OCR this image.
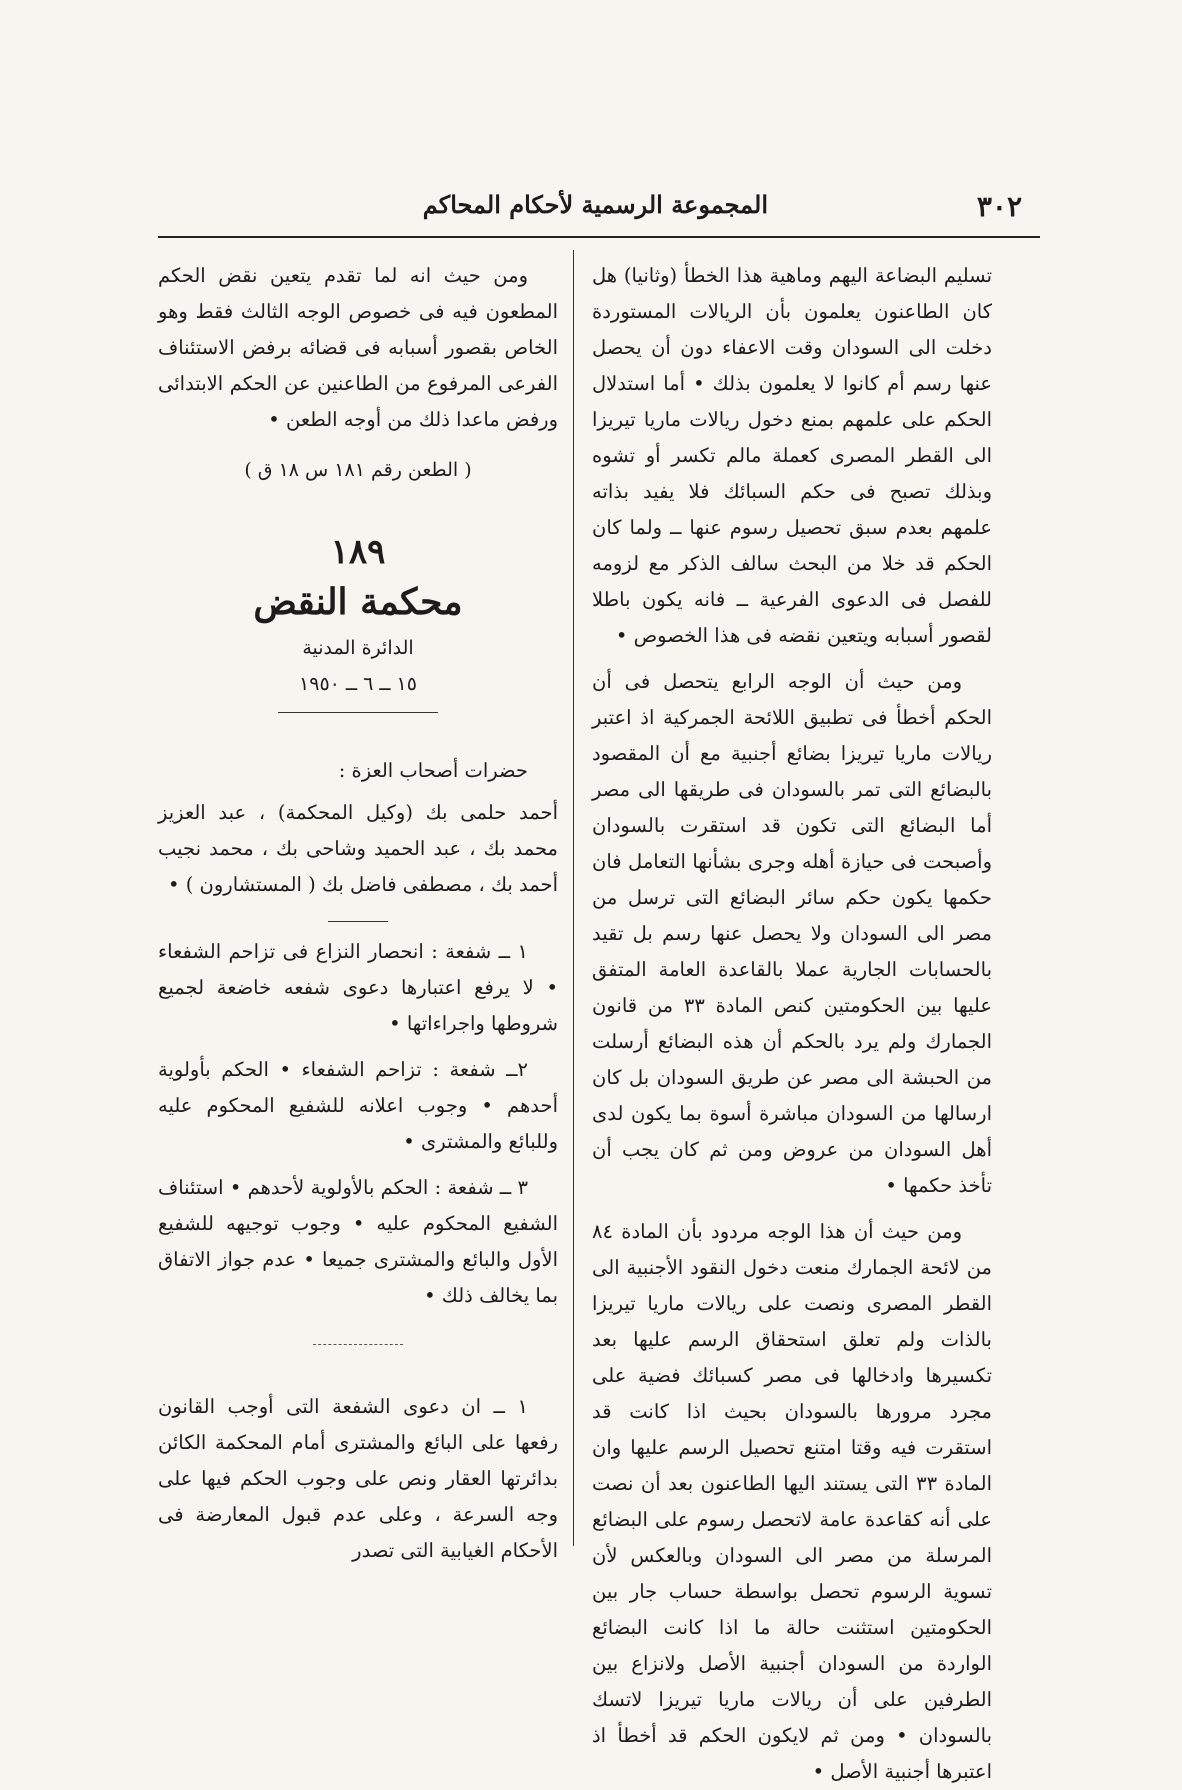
٣٠٢
المجموعة الرسمية لأحكام المحاكم

تسليم البضاعة اليهم وماهية هذا الخطأ (وثانيا) هل كان الطاعنون يعلمون بأن الريالات المستوردة دخلت الى السودان وقت الاعفاء دون أن يحصل عنها رسم أم كانوا لا يعلمون بذلك • أما استدلال الحكم على علمهم بمنع دخول ريالات ماريا تيريزا الى القطر المصرى كعملة مالم تكسر أو تشوه وبذلك تصبح فى حكم السبائك فلا يفيد بذاته علمهم بعدم سبق تحصيل رسوم عنها ــ ولما كان الحكم قد خلا من البحث سالف الذكر مع لزومه للفصل فى الدعوى الفرعية ــ فانه يكون باطلا لقصور أسبابه ويتعين نقضه فى هذا الخصوص •

ومن حيث أن الوجه الرابع يتحصل فى أن الحكم أخطأ فى تطبيق اللائحة الجمركية اذ اعتبر ريالات ماريا تيريزا بضائع أجنبية مع أن المقصود بالبضائع التى تمر بالسودان فى طريقها الى مصر أما البضائع التى تكون قد استقرت بالسودان وأصبحت فى حيازة أهله وجرى بشأنها التعامل فان حكمها يكون حكم سائر البضائع التى ترسل من مصر الى السودان ولا يحصل عنها رسم بل تقيد بالحسابات الجارية عملا بالقاعدة العامة المتفق عليها بين الحكومتين كنص المادة ٣٣ من قانون الجمارك ولم يرد بالحكم أن هذه البضائع أرسلت من الحبشة الى مصر عن طريق السودان بل كان ارسالها من السودان مباشرة أسوة بما يكون لدى أهل السودان من عروض ومن ثم كان يجب أن تأخذ حكمها •

ومن حيث أن هذا الوجه مردود بأن المادة ٨٤ من لائحة الجمارك منعت دخول النقود الأجنبية الى القطر المصرى ونصت على ريالات ماريا تيريزا بالذات ولم تعلق استحقاق الرسم عليها بعد تكسيرها وادخالها فى مصر كسبائك فضية على مجرد مرورها بالسودان بحيث اذا كانت قد استقرت فيه وقتا امتنع تحصيل الرسم عليها وان المادة ٣٣ التى يستند اليها الطاعنون بعد أن نصت على أنه كقاعدة عامة لاتحصل رسوم على البضائع المرسلة من مصر الى السودان وبالعكس لأن تسوية الرسوم تحصل بواسطة حساب جار بين الحكومتين استثنت حالة ما اذا كانت البضائع الواردة من السودان أجنبية الأصل ولانزاع بين الطرفين على أن ريالات ماريا تيريزا لاتسك بالسودان • ومن ثم لايكون الحكم قد أخطأ اذ اعتبرها أجنبية الأصل •

ومن حيث انه لما تقدم يتعين نقض الحكم المطعون فيه فى خصوص الوجه الثالث فقط وهو الخاص بقصور أسبابه فى قضائه برفض الاستئناف الفرعى المرفوع من الطاعنين عن الحكم الابتدائى ورفض ماعدا ذلك من أوجه الطعن •

( الطعن رقم ١٨١ س ١٨ ق )

١٨٩
محكمة النقض
الدائرة المدنية
١٥ ــ ٦ ــ ١٩٥٠

حضرات أصحاب العزة :

أحمد حلمى بك (وكيل المحكمة) ، عبد العزيز محمد بك ، عبد الحميد وشاحى بك ، محمد نجيب أحمد بك ، مصطفى فاضل بك ( المستشارون ) •

١ ــ شفعة : انحصار النزاع فى تزاحم الشفعاء • لا يرفع اعتبارها دعوى شفعه خاضعة لجميع شروطها واجراءاتها •

٢ــ شفعة : تزاحم الشفعاء • الحكم بأولوية أحدهم • وجوب اعلانه للشفيع المحكوم عليه وللبائع والمشترى •

٣ ــ شفعة : الحكم بالأولوية لأحدهم • استئناف الشفيع المحكوم عليه • وجوب توجيهه للشفيع الأول والبائع والمشترى جميعا • عدم جواز الاتفاق بما يخالف ذلك •

١ ــ ان دعوى الشفعة التى أوجب القانون رفعها على البائع والمشترى أمام المحكمة الكائن بدائرتها العقار ونص على وجوب الحكم فيها على وجه السرعة ، وعلى عدم قبول المعارضة فى الأحكام الغيابية التى تصدر
